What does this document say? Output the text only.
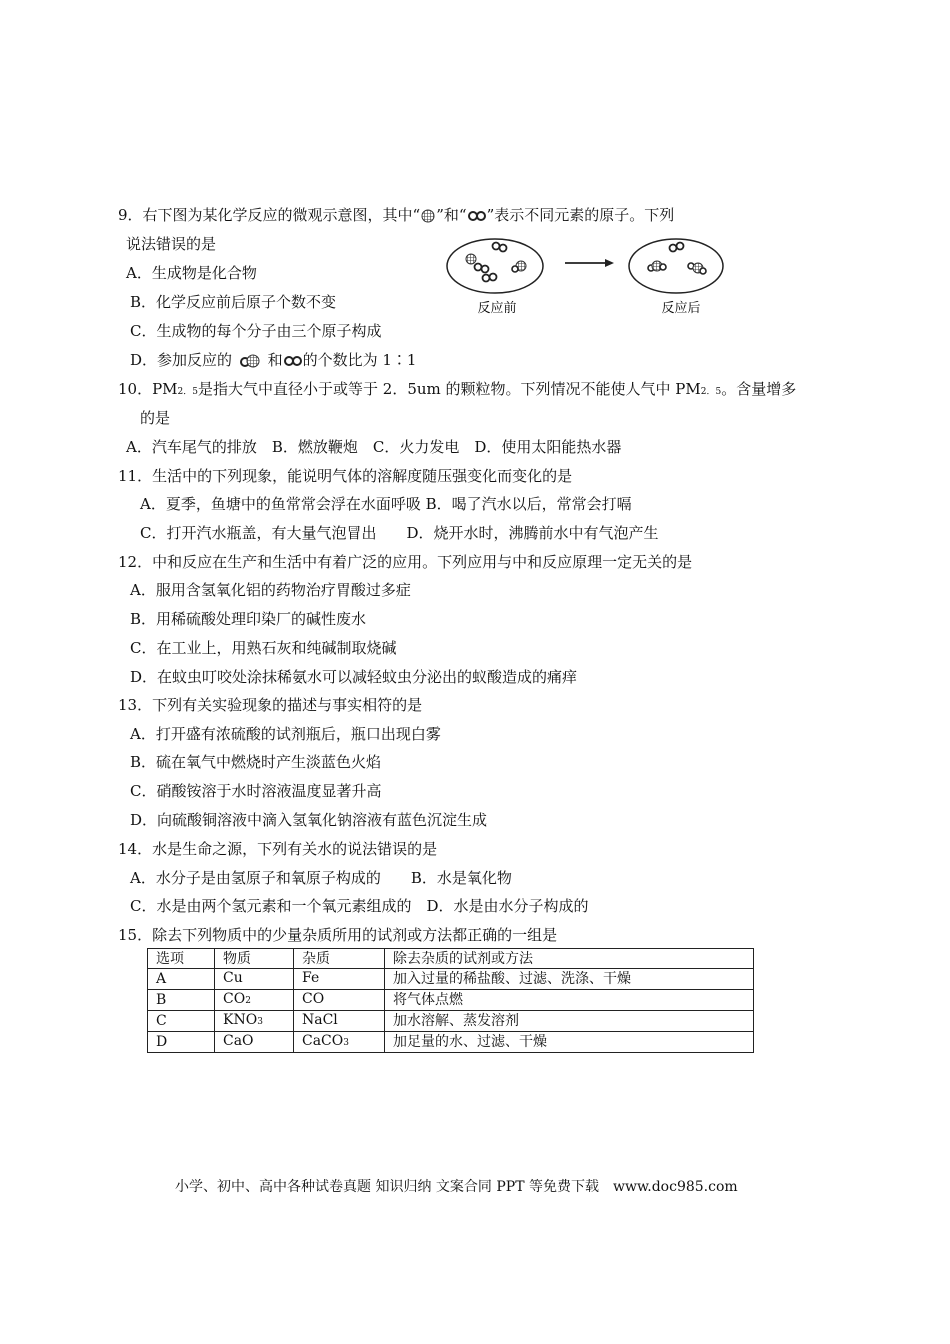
9．右下图为某化学反应的微观示意图，其中“ ”和“ ”表示不同元素的原子。下列
说法错误的是
A．生成物是化合物
B．化学反应前后原子个数不变
C．生成物的每个分子由三个原子构成
D．参加反应的 和 的个数比为 1∶1
反应前	反应后
10．PM2．5是指大气中直径小于或等于 2．5um 的颗粒物。下列情况不能使人气中 PM2．5。含量增多
的是
A．汽车尾气的排放　B．燃放鞭炮　C．火力发电　D．使用太阳能热水器
11．生活中的下列现象，能说明气体的溶解度随压强变化而变化的是
A．夏季，鱼塘中的鱼常常会浮在水面呼吸 B．喝了汽水以后，常常会打嗝
C．打开汽水瓶盖，有大量气泡冒出　　D．烧开水时，沸腾前水中有气泡产生
12．中和反应在生产和生活中有着广泛的应用。下列应用与中和反应原理一定无关的是
A．服用含氢氧化铝的药物治疗胃酸过多症
B．用稀硫酸处理印染厂的碱性废水
C．在工业上，用熟石灰和纯碱制取烧碱
D．在蚊虫叮咬处涂抹稀氨水可以减轻蚊虫分泌出的蚁酸造成的痛痒
13．下列有关实验现象的描述与事实相符的是
A．打开盛有浓硫酸的试剂瓶后，瓶口出现白雾
B．硫在氧气中燃烧时产生淡蓝色火焰
C．硝酸铵溶于水时溶液温度显著升高
D．向硫酸铜溶液中滴入氢氧化钠溶液有蓝色沉淀生成
14．水是生命之源，下列有关水的说法错误的是
A．水分子是由氢原子和氧原子构成的　　B．水是氧化物
C．水是由两个氢元素和一个氧元素组成的　D．水是由水分子构成的
15．除去下列物质中的少量杂质所用的试剂或方法都正确的一组是
选项	物质	杂质	除去杂质的试剂或方法
A	Cu	Fe	加入过量的稀盐酸、过滤、洗涤、干燥
B	CO2	CO	将气体点燃
C	KNO3	NaCl	加水溶解、蒸发溶剂
D	CaO	CaCO3	加足量的水、过滤、干燥
小学、初中、高中各种试卷真题 知识归纳 文案合同 PPT 等免费下载　www.doc985.com
